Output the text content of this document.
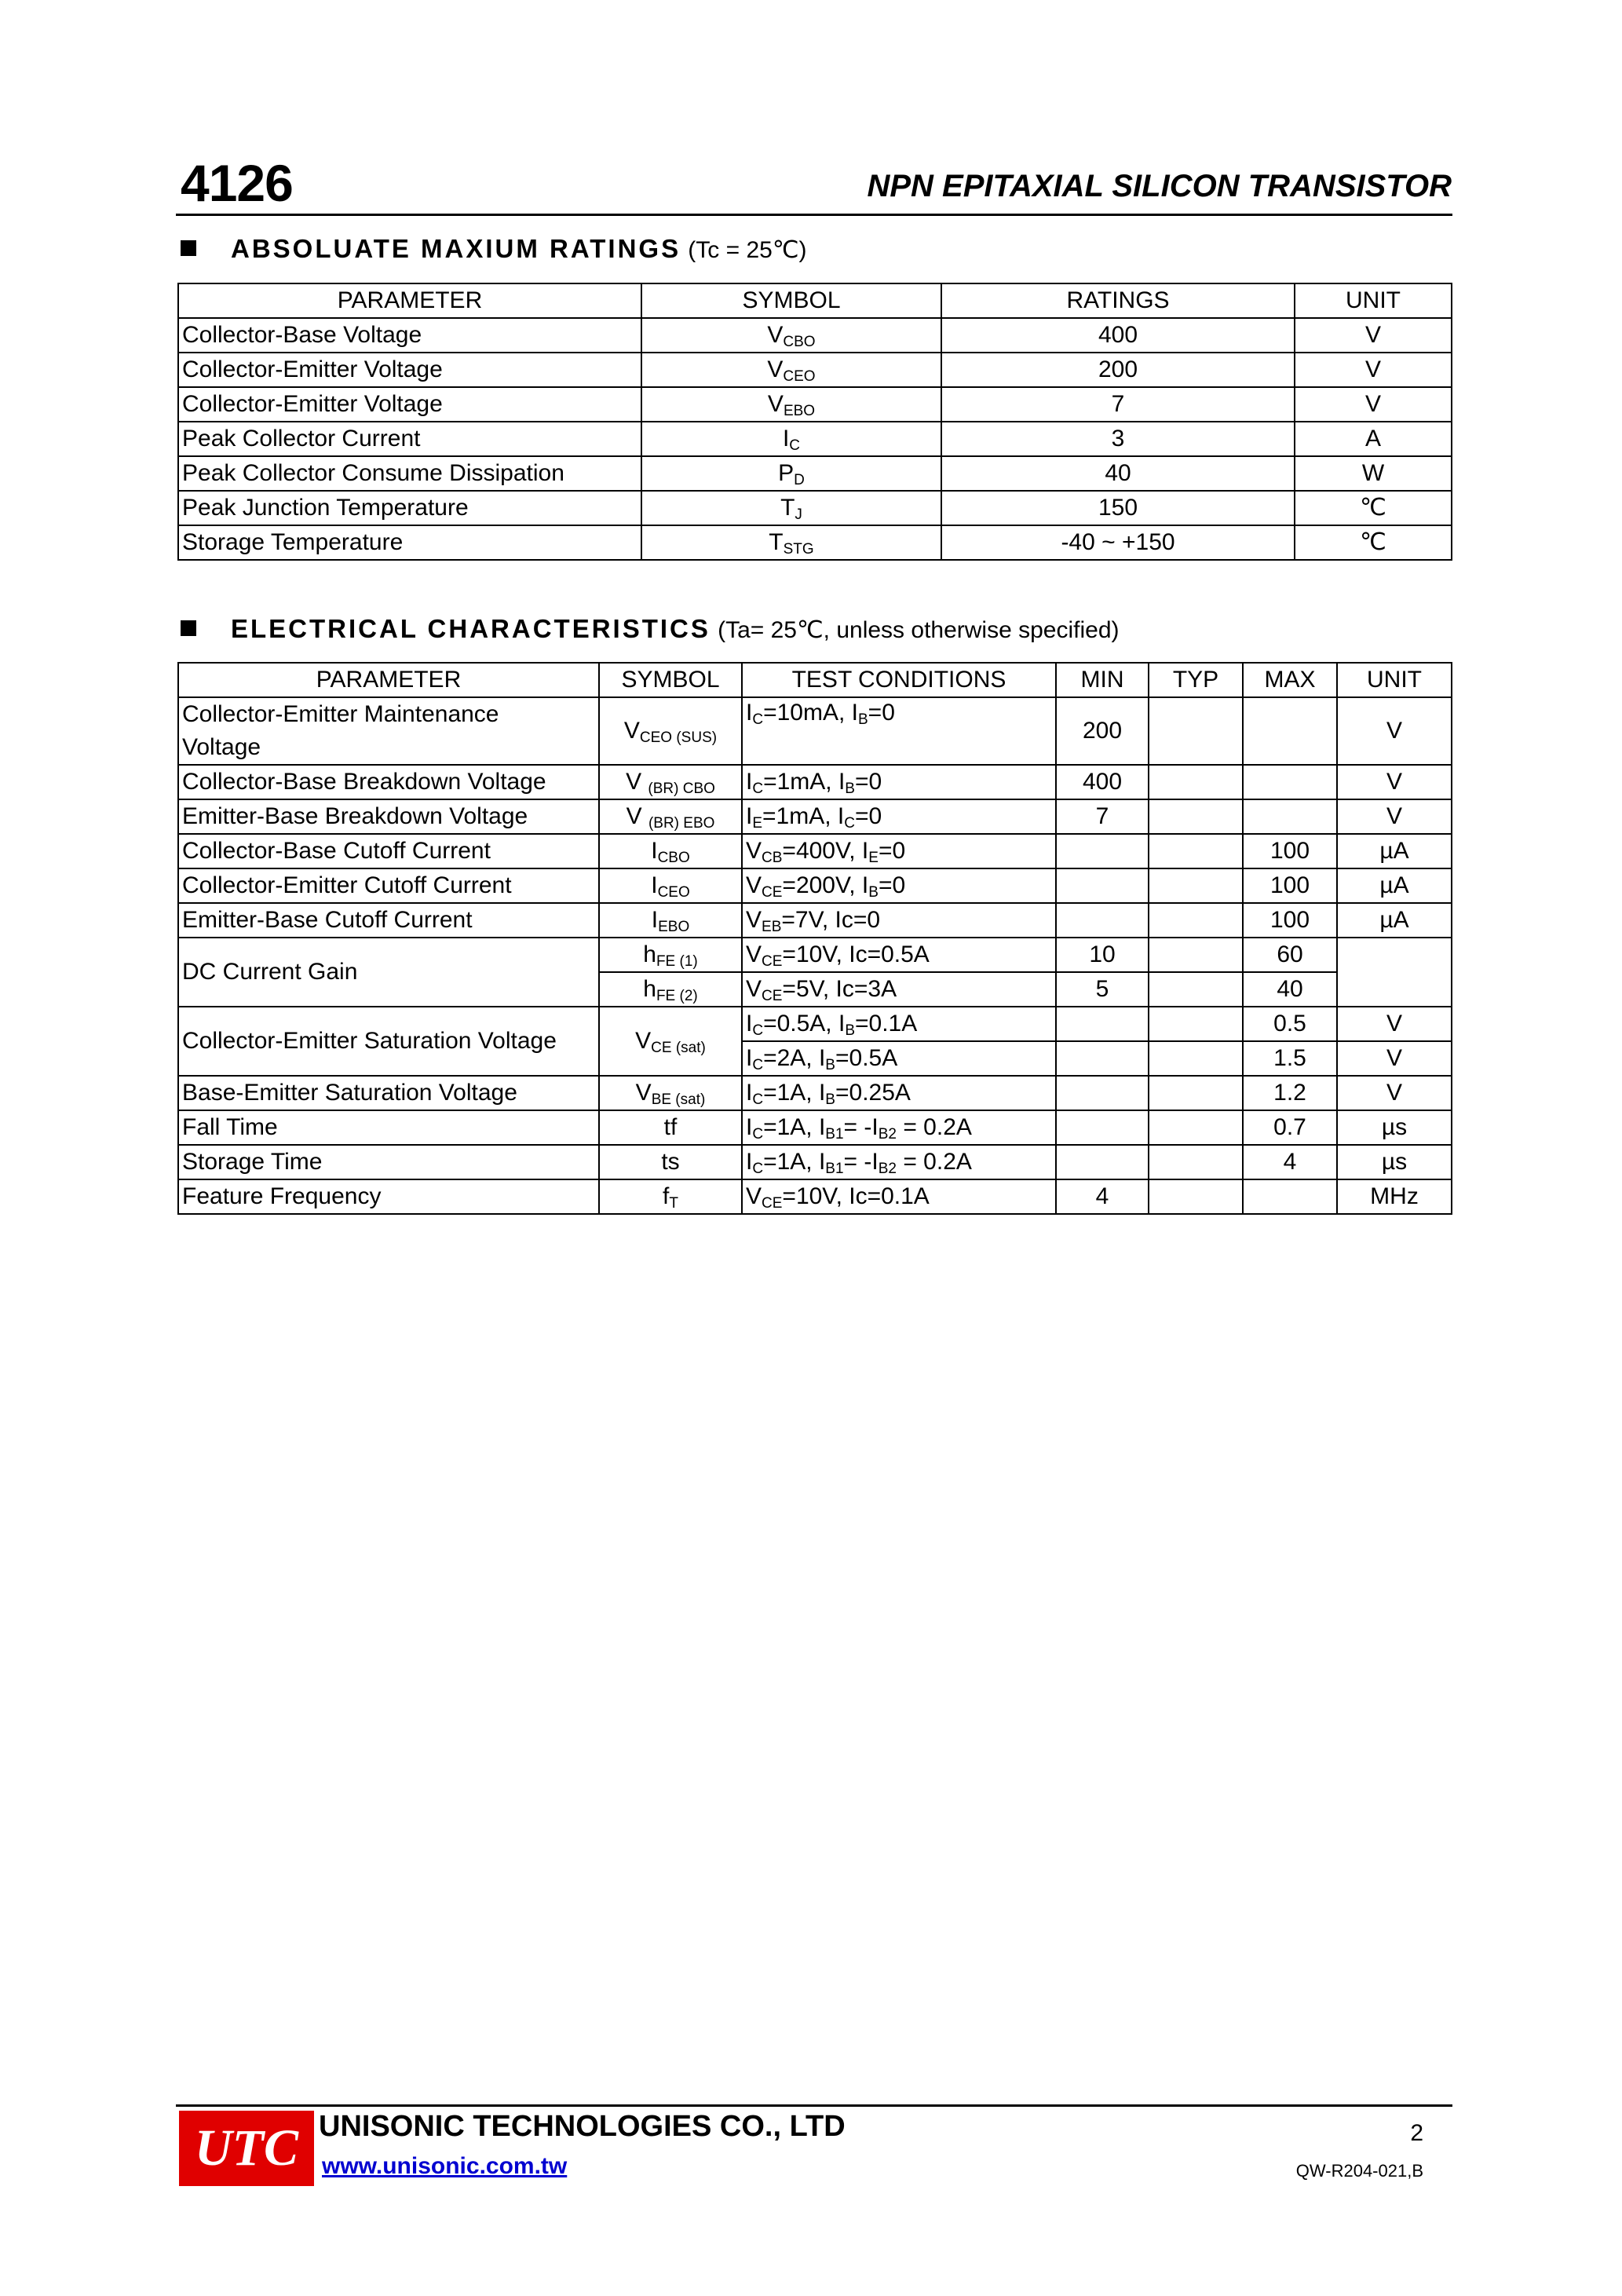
4126	NPN EPITAXIAL SILICON TRANSISTOR
ABSOLUATE MAXIUM RATINGS (Tc = 25℃)
PARAMETER	SYMBOL	RATINGS	UNIT
Collector-Base Voltage	$V_{CBO}$	400	V
Collector-Emitter Voltage	$V_{CEO}$	200	V
Collector-Emitter Voltage	$V_{EBO}$	7	V
Peak Collector Current	$I_C$	3	A
Peak Collector Consume Dissipation	$P_D$	40	W
Peak Junction Temperature	$T_J$	150	℃
Storage Temperature	$T_{STG}$	-40 ~ +150	℃
ELECTRICAL CHARACTERISTICS (Ta= 25℃, unless otherwise specified)
PARAMETER	SYMBOL	TEST CONDITIONS	MIN	TYP	MAX	UNIT
Collector-Emitter Maintenance
Voltage	$V_{CEO (SUS)}$	$I_C=10mA$, $I_B=0$	200			V
Collector-Base Breakdown Voltage	V $_{(BR) CBO}$	$I_C=1mA$, $I_B=0$	400			V
Emitter-Base Breakdown Voltage	V $_{(BR) EBO}$	$I_E=1mA$, $I_C=0$	7			V
Collector-Base Cutoff Current	$I_{CBO}$	$V_{CB}=400V$, $I_E=0$			100	µA
Collector-Emitter Cutoff Current	$I_{CEO}$	$V_{CE}=200V$, $I_B=0$			100	µA
Emitter-Base Cutoff Current	$I_{EBO}$	$V_{EB}=7V$, Ic=0			100	µA
DC Current Gain	$h_{FE (1)}$	$V_{CE}=10V$, Ic=0.5A	10		60	
	$h_{FE (2)}$	$V_{CE}=5V$, Ic=3A	5		40	
Collector-Emitter Saturation Voltage	$V_{CE (sat)}$	$I_C=0.5A$, $I_B=0.1A$			0.5	V
		$I_C=2A$, $I_B=0.5A$			1.5	V
Base-Emitter Saturation Voltage	$V_{BE (sat)}$	$I_C=1A$, $I_B=0.25A$			1.2	V
Fall Time	tf	$I_C=1A$, $I_{B1}= -I_{B2} = 0.2A$			0.7	µs
Storage Time	ts	$I_C=1A$, $I_{B1}= -I_{B2} = 0.2A$			4	µs
Feature Frequency	$f_T$	$V_{CE}=10V$, Ic=0.1A	4			MHz
UTC UNISONIC TECHNOLOGIES CO., LTD
www.unisonic.com.tw
2
QW-R204-021,B
